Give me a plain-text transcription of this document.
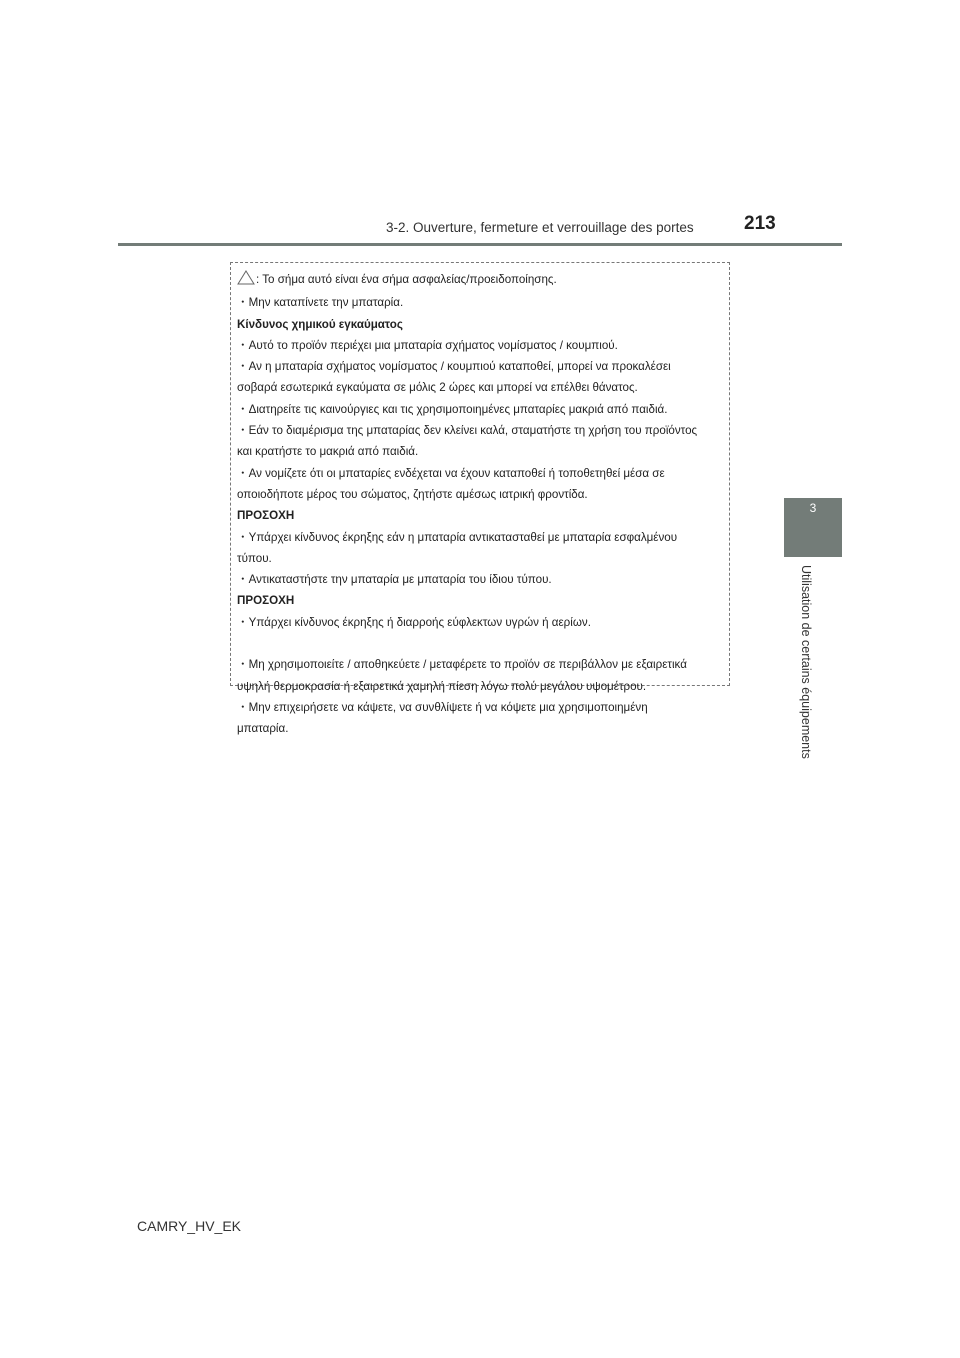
3-2. Ouverture, fermeture et verrouillage des portes	213
3
Utilisation de certains équipements

: Το σήμα αυτό είναι ένα σήμα ασφαλείας/προειδοποίησης.

・Μην καταπίνετε την μπαταρία.

Κίνδυνος χημικού εγκαύματος

・Αυτό το προϊόν περιέχει μια μπαταρία σχήματος νομίσματος / κουμπιού.

・Αν η μπαταρία σχήματος νομίσματος / κουμπιού καταποθεί, μπορεί να προκαλέσει

σοβαρά εσωτερικά εγκαύματα σε μόλις 2 ώρες και μπορεί να επέλθει θάνατος.

・Διατηρείτε τις καινούργιες και τις χρησιμοποιημένες μπαταρίες μακριά από παιδιά.

・Εάν το διαμέρισμα της μπαταρίας δεν κλείνει καλά, σταματήστε τη χρήση του προϊόντος

και κρατήστε το μακριά από παιδιά.

・Αν νομίζετε ότι οι μπαταρίες ενδέχεται να έχουν καταποθεί ή τοποθετηθεί μέσα σε

οποιοδήποτε μέρος του σώματος, ζητήστε αμέσως ιατρική φροντίδα.

ΠΡΟΣΟΧΗ

・Υπάρχει κίνδυνος έκρηξης εάν η μπαταρία αντικατασταθεί με μπαταρία εσφαλμένου

τύπου.

・Αντικαταστήστε την μπαταρία με μπαταρία του ίδιου τύπου.

ΠΡΟΣΟΧΗ

・Υπάρχει κίνδυνος έκρηξης ή διαρροής εύφλεκτων υγρών ή αερίων.

・Μη χρησιμοποιείτε / αποθηκεύετε / μεταφέρετε το προϊόν σε περιβάλλον με εξαιρετικά

υψηλή θερμοκρασία ή εξαιρετικά χαμηλή πίεση λόγω πολύ μεγάλου υψομέτρου.

・Μην επιχειρήσετε να κάψετε, να συνθλίψετε ή να κόψετε μια χρησιμοποιημένη

μπαταρία.

CAMRY_HV_EK
